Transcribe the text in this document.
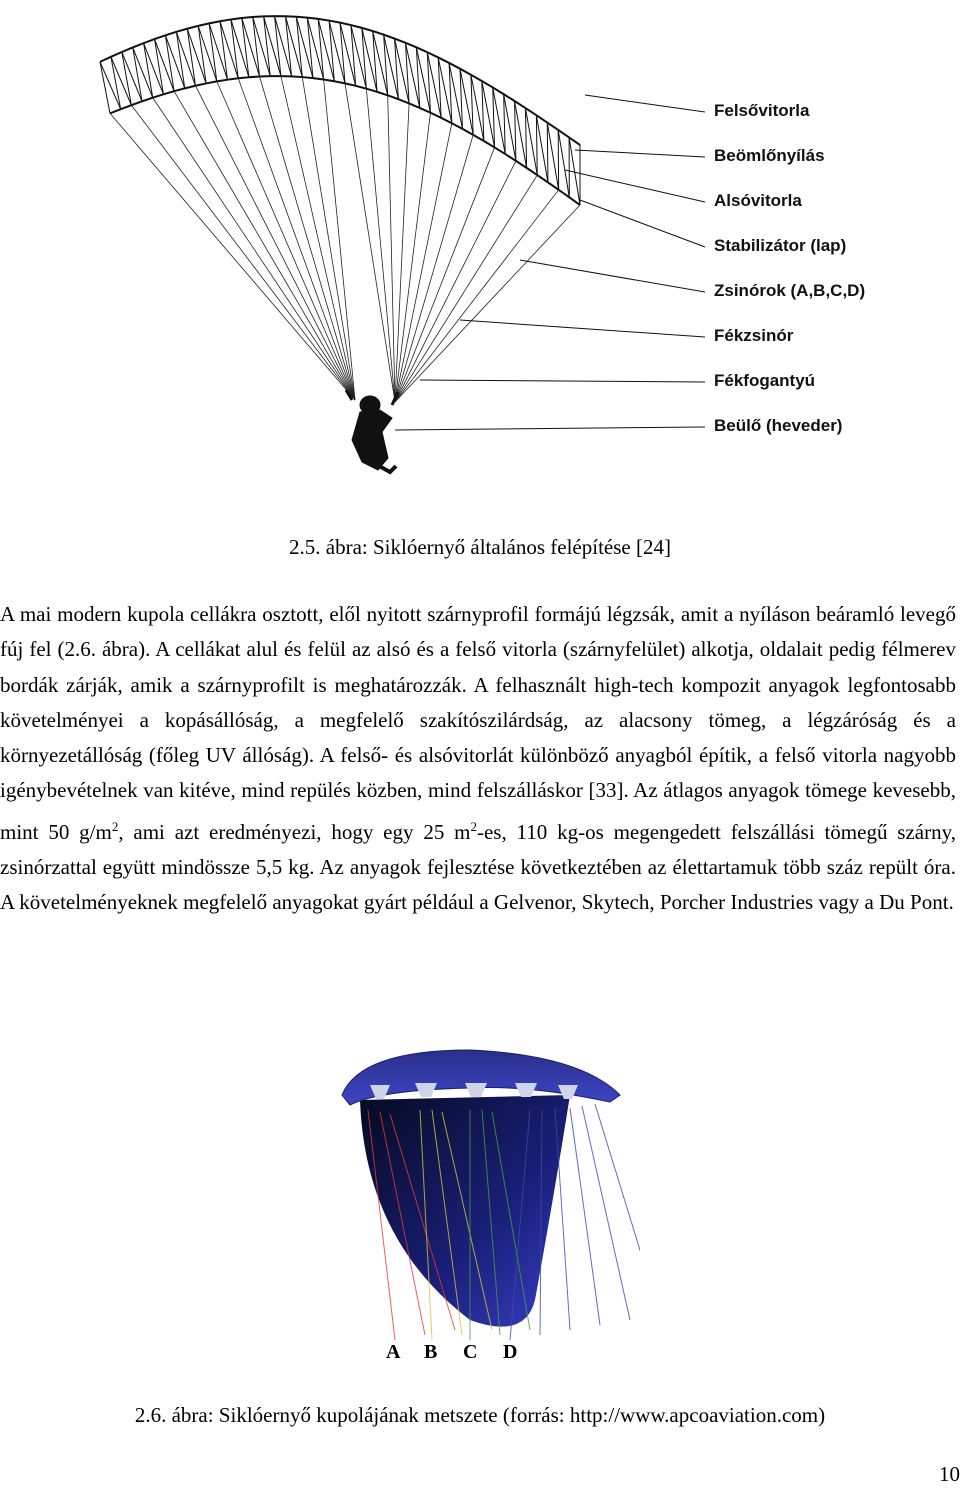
Felsővitorla
Beömlőnyílás
Alsóvitorla
Stabilizátor (lap)
Zsinórok (A,B,C,D)
Fékzsinór
Fékfogantyú
Beülő (heveder)
2.5. ábra: Siklóernyő általános felépítése [24]

A mai modern kupola cellákra osztott, elől nyitott szárnyprofil formájú légzsák, amit a nyíláson beáramló levegő fúj fel (2.6. ábra). A cellákat alul és felül az alsó és a felső vitorla (szárnyfelület) alkotja, oldalait pedig félmerev bordák zárják, amik a szárnyprofilt is meghatározzák. A felhasznált high-tech kompozit anyagok legfontosabb követelményei a kopásállóság, a megfelelő szakítószilárdság, az alacsony tömeg, a légzáróság és a környezetállóság (főleg UV állóság). A felső- és alsóvitorlát különböző anyagból építik, a felső vitorla nagyobb igénybevételnek van kitéve, mind repülés közben, mind felszálláskor [33]. Az átlagos anyagok tömege kevesebb, mint 50 $g/m^2$, ami azt eredményezi, hogy egy 25 $m^2-es$, 110 kg-os megengedett felszállási tömegű szárny, zsinórzattal együtt mindössze 5,5 kg. Az anyagok fejlesztése következtében az élettartamuk több száz repült óra. A követelményeknek megfelelő anyagokat gyárt például a Gelvenor, Skytech, Porcher Industries vagy a Du Pont.

A B C D
2.6. ábra: Siklóernyő kupolájának metszete (forrás: http://www.apcoaviation.com)
10
